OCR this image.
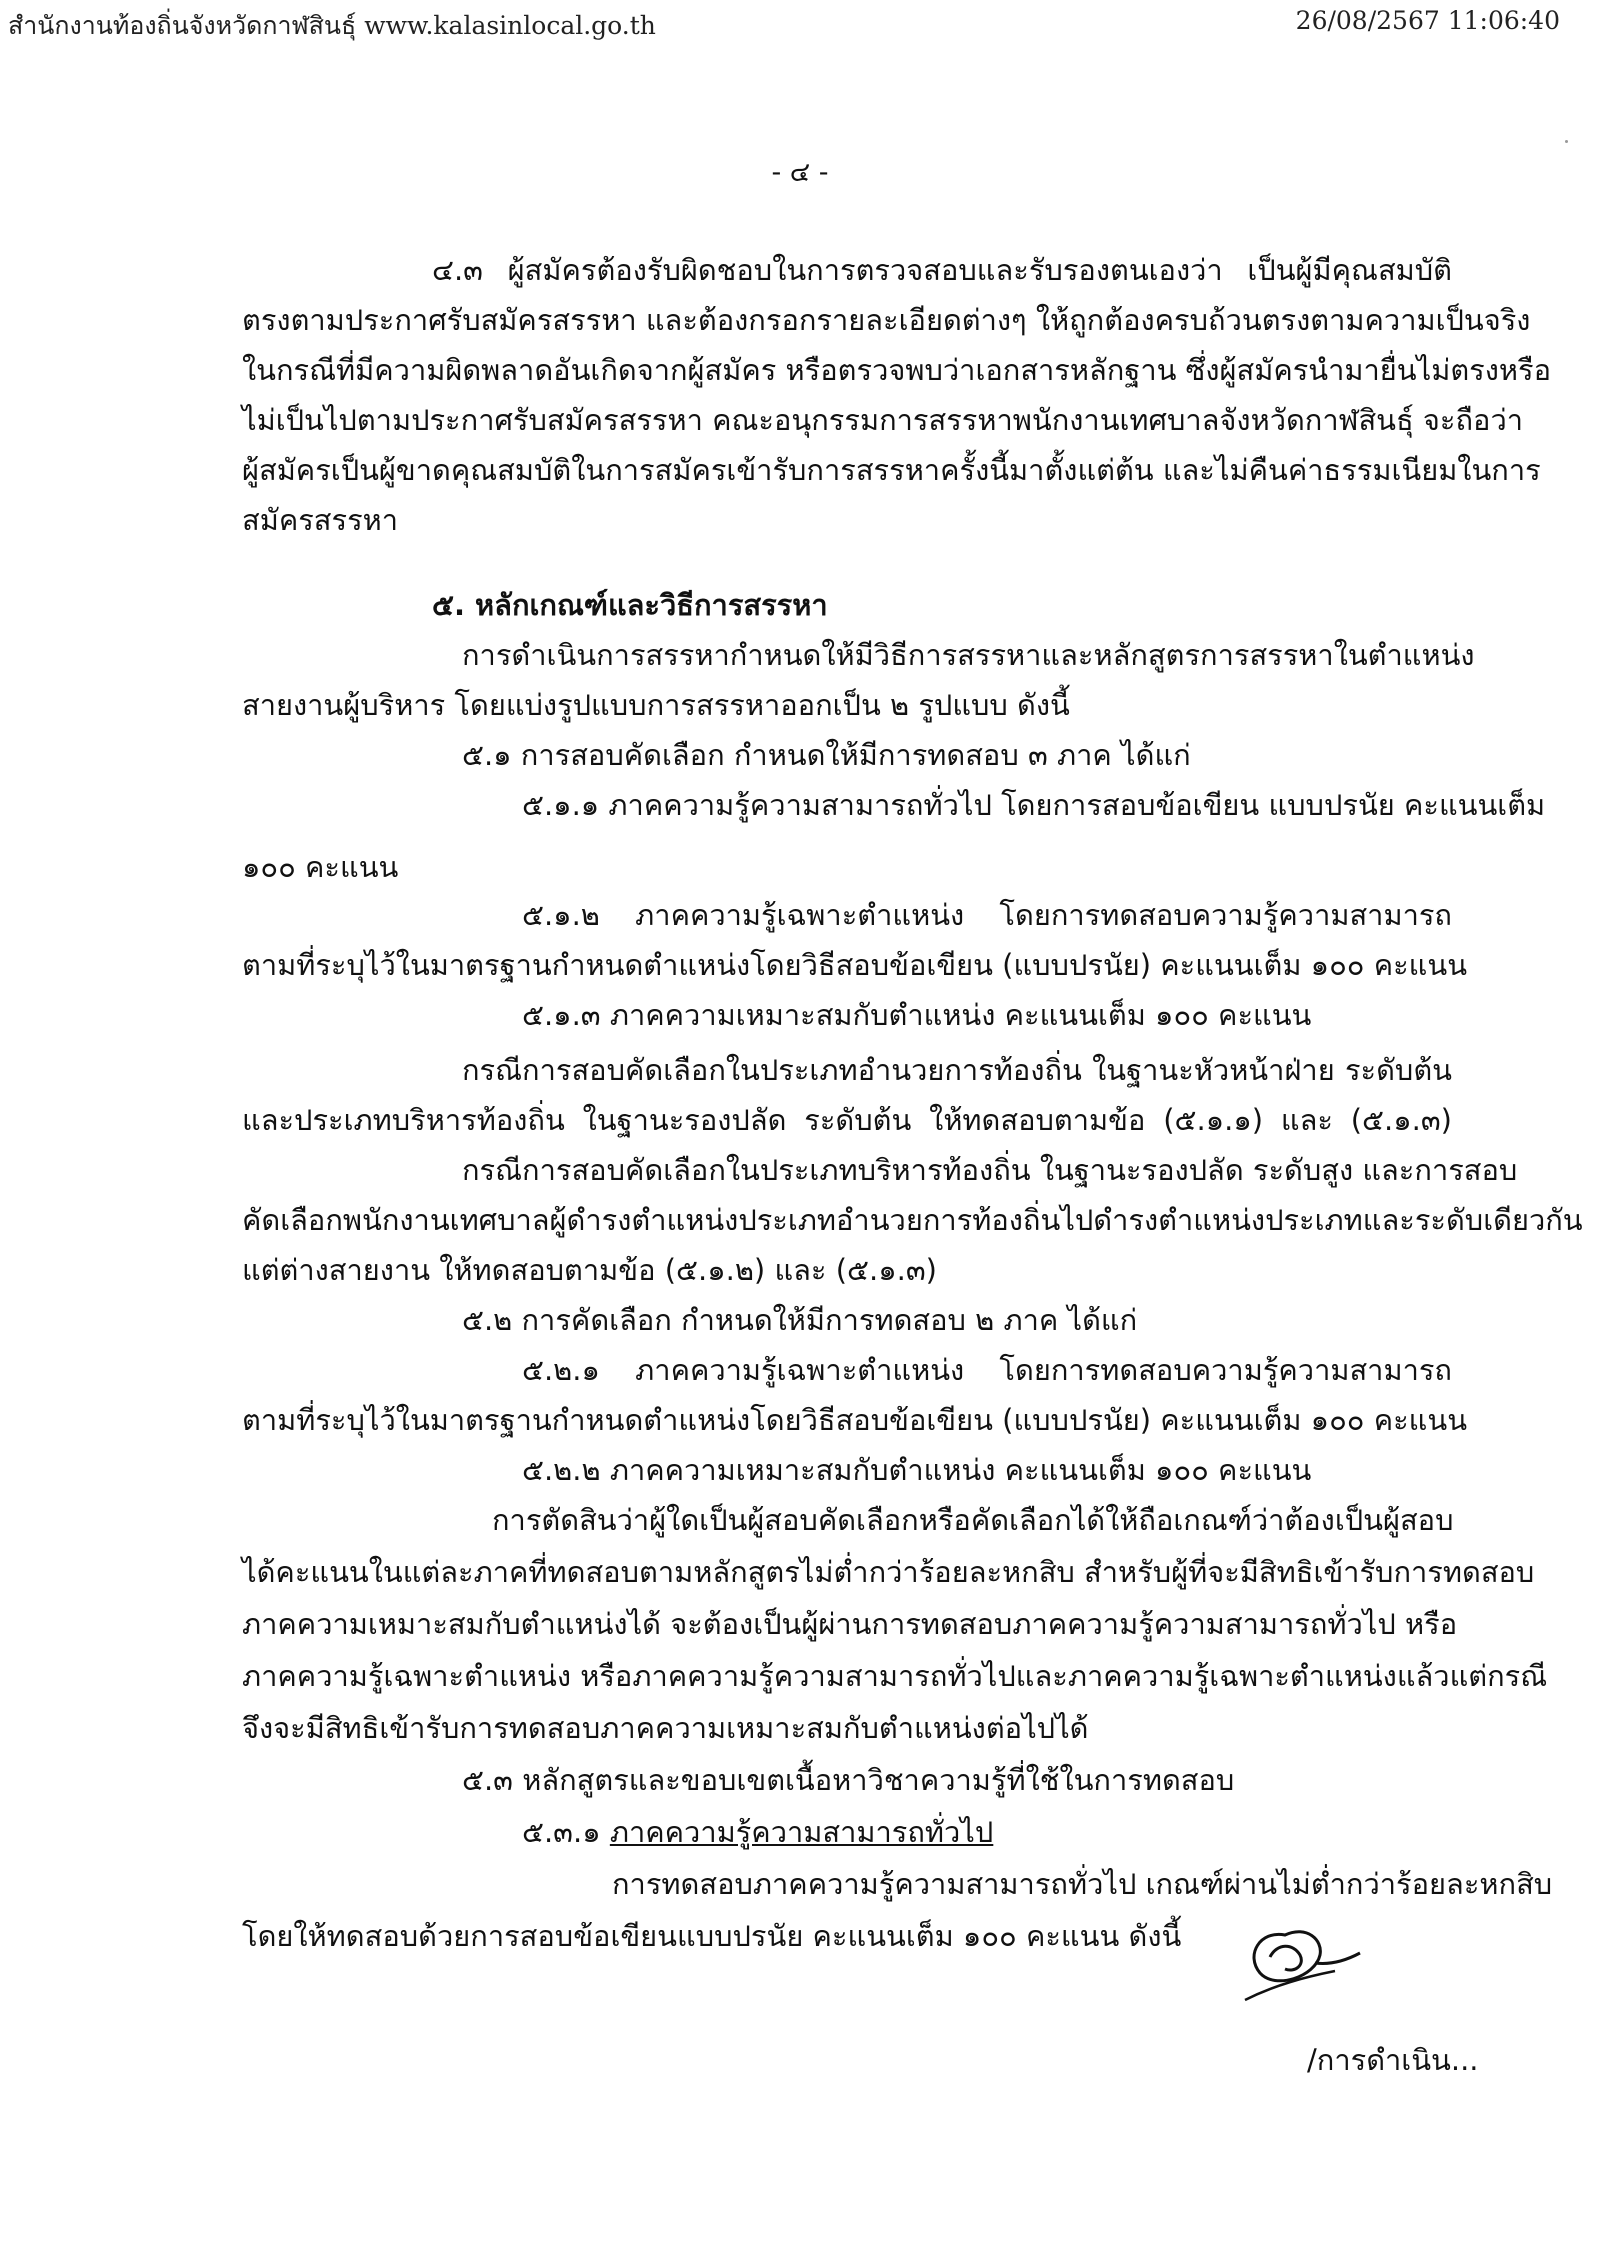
สำนักงานท้องถิ่นจังหวัดกาฬสินธุ์ www.kalasinlocal.go.th	26/08/2567 11:06:40
- ๔ -
๔.๓ ผู้สมัครต้องรับผิดชอบในการตรวจสอบและรับรองตนเองว่า เป็นผู้มีคุณสมบัติ
ตรงตามประกาศรับสมัครสรรหา และต้องกรอกรายละเอียดต่างๆ ให้ถูกต้องครบถ้วนตรงตามความเป็นจริง
ในกรณีที่มีความผิดพลาดอันเกิดจากผู้สมัคร หรือตรวจพบว่าเอกสารหลักฐาน ซึ่งผู้สมัครนำมายื่นไม่ตรงหรือ
ไม่เป็นไปตามประกาศรับสมัครสรรหา คณะอนุกรรมการสรรหาพนักงานเทศบาลจังหวัดกาฬสินธุ์ จะถือว่า
ผู้สมัครเป็นผู้ขาดคุณสมบัติในการสมัครเข้ารับการสรรหาครั้งนี้มาตั้งแต่ต้น และไม่คืนค่าธรรมเนียมในการ
สมัครสรรหา
๕. หลักเกณฑ์และวิธีการสรรหา
การดำเนินการสรรหากำหนดให้มีวิธีการสรรหาและหลักสูตรการสรรหาในตำแหน่ง
สายงานผู้บริหาร โดยแบ่งรูปแบบการสรรหาออกเป็น ๒ รูปแบบ ดังนี้
๕.๑ การสอบคัดเลือก กำหนดให้มีการทดสอบ ๓ ภาค ได้แก่
๕.๑.๑ ภาคความรู้ความสามารถทั่วไป โดยการสอบข้อเขียน แบบปรนัย คะแนนเต็ม
๑๐๐ คะแนน
๕.๑.๒ ภาคความรู้เฉพาะตำแหน่ง โดยการทดสอบความรู้ความสามารถ
ตามที่ระบุไว้ในมาตรฐานกำหนดตำแหน่งโดยวิธีสอบข้อเขียน (แบบปรนัย) คะแนนเต็ม ๑๐๐ คะแนน
๕.๑.๓ ภาคความเหมาะสมกับตำแหน่ง คะแนนเต็ม ๑๐๐ คะแนน
กรณีการสอบคัดเลือกในประเภทอำนวยการท้องถิ่น ในฐานะหัวหน้าฝ่าย ระดับต้น
และประเภทบริหารท้องถิ่น ในฐานะรองปลัด ระดับต้น ให้ทดสอบตามข้อ (๕.๑.๑) และ (๕.๑.๓)
กรณีการสอบคัดเลือกในประเภทบริหารท้องถิ่น ในฐานะรองปลัด ระดับสูง และการสอบ
คัดเลือกพนักงานเทศบาลผู้ดำรงตำแหน่งประเภทอำนวยการท้องถิ่นไปดำรงตำแหน่งประเภทและระดับเดียวกัน
แต่ต่างสายงาน ให้ทดสอบตามข้อ (๕.๑.๒) และ (๕.๑.๓)
๕.๒ การคัดเลือก กำหนดให้มีการทดสอบ ๒ ภาค ได้แก่
๕.๒.๑ ภาคความรู้เฉพาะตำแหน่ง โดยการทดสอบความรู้ความสามารถ
ตามที่ระบุไว้ในมาตรฐานกำหนดตำแหน่งโดยวิธีสอบข้อเขียน (แบบปรนัย) คะแนนเต็ม ๑๐๐ คะแนน
๕.๒.๒ ภาคความเหมาะสมกับตำแหน่ง คะแนนเต็ม ๑๐๐ คะแนน
การตัดสินว่าผู้ใดเป็นผู้สอบคัดเลือกหรือคัดเลือกได้ให้ถือเกณฑ์ว่าต้องเป็นผู้สอบ
ได้คะแนนในแต่ละภาคที่ทดสอบตามหลักสูตรไม่ต่ำกว่าร้อยละหกสิบ สำหรับผู้ที่จะมีสิทธิเข้ารับการทดสอบ
ภาคความเหมาะสมกับตำแหน่งได้ จะต้องเป็นผู้ผ่านการทดสอบภาคความรู้ความสามารถทั่วไป หรือ
ภาคความรู้เฉพาะตำแหน่ง หรือภาคความรู้ความสามารถทั่วไปและภาคความรู้เฉพาะตำแหน่งแล้วแต่กรณี
จึงจะมีสิทธิเข้ารับการทดสอบภาคความเหมาะสมกับตำแหน่งต่อไปได้
๕.๓ หลักสูตรและขอบเขตเนื้อหาวิชาความรู้ที่ใช้ในการทดสอบ
๕.๓.๑ ภาคความรู้ความสามารถทั่วไป
การทดสอบภาคความรู้ความสามารถทั่วไป เกณฑ์ผ่านไม่ต่ำกว่าร้อยละหกสิบ
โดยให้ทดสอบด้วยการสอบข้อเขียนแบบปรนัย คะแนนเต็ม ๑๐๐ คะแนน ดังนี้
/การดำเนิน...
